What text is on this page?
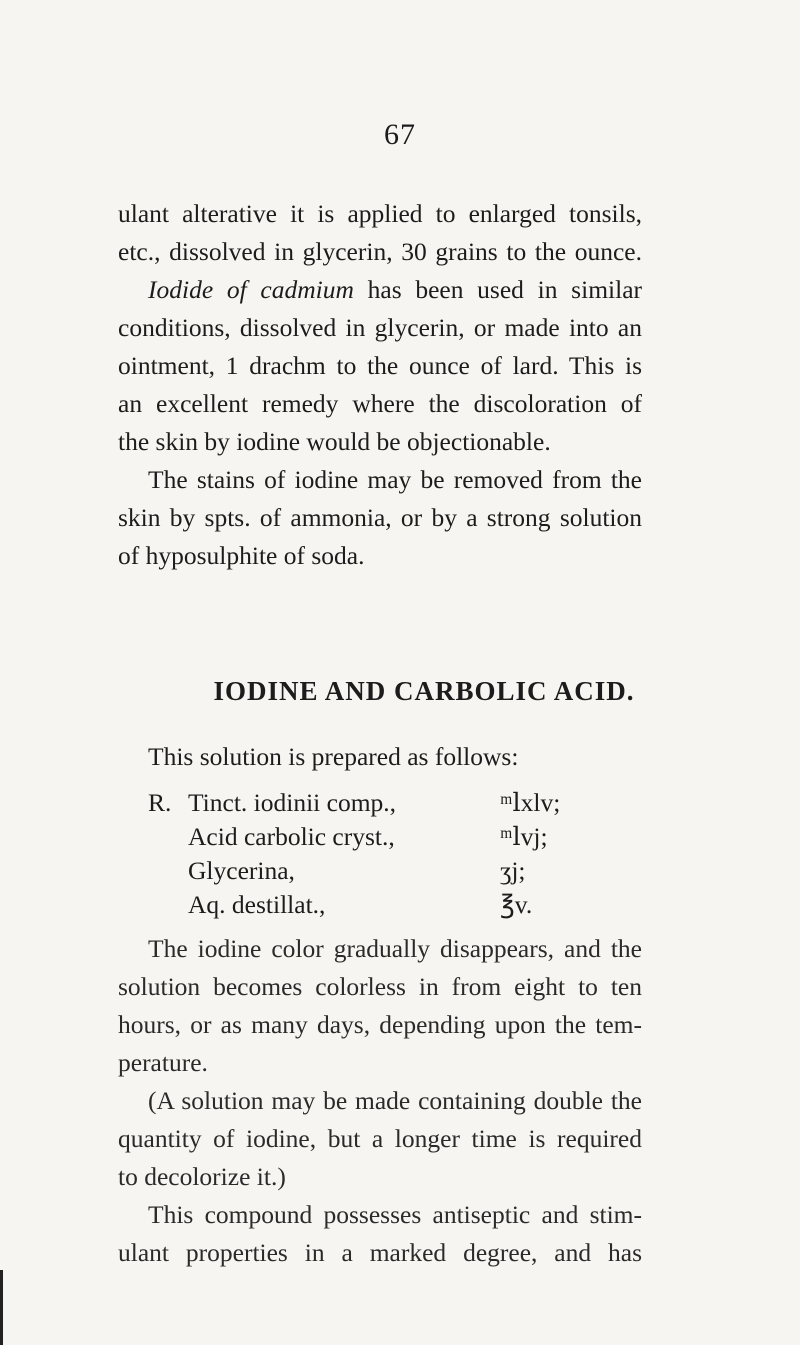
67
ulant alterative it is applied to enlarged tonsils,
etc., dissolved in glycerin, 30 grains to the ounce.
Iodide of cadmium has been used in similar
conditions, dissolved in glycerin, or made into an
ointment, 1 drachm to the ounce of lard. This is
an excellent remedy where the discoloration of
the skin by iodine would be objectionable.
The stains of iodine may be removed from the
skin by spts. of ammonia, or by a strong solution
of hyposulphite of soda.
IODINE AND CARBOLIC ACID.
This solution is prepared as follows:
R. Tinct. iodinii comp.,	ᵐⅼxlv;
Acid carbolic cryst.,	ᵐⅼvj;
Glycerina,	ʒj;
Aq. destillat.,	℥v.
The iodine color gradually disappears, and the
solution becomes colorless in from eight to ten
hours, or as many days, depending upon the tem-
perature.
(A solution may be made containing double the
quantity of iodine, but a longer time is required
to decolorize it.)
This compound possesses antiseptic and stim-
ulant properties in a marked degree, and has
